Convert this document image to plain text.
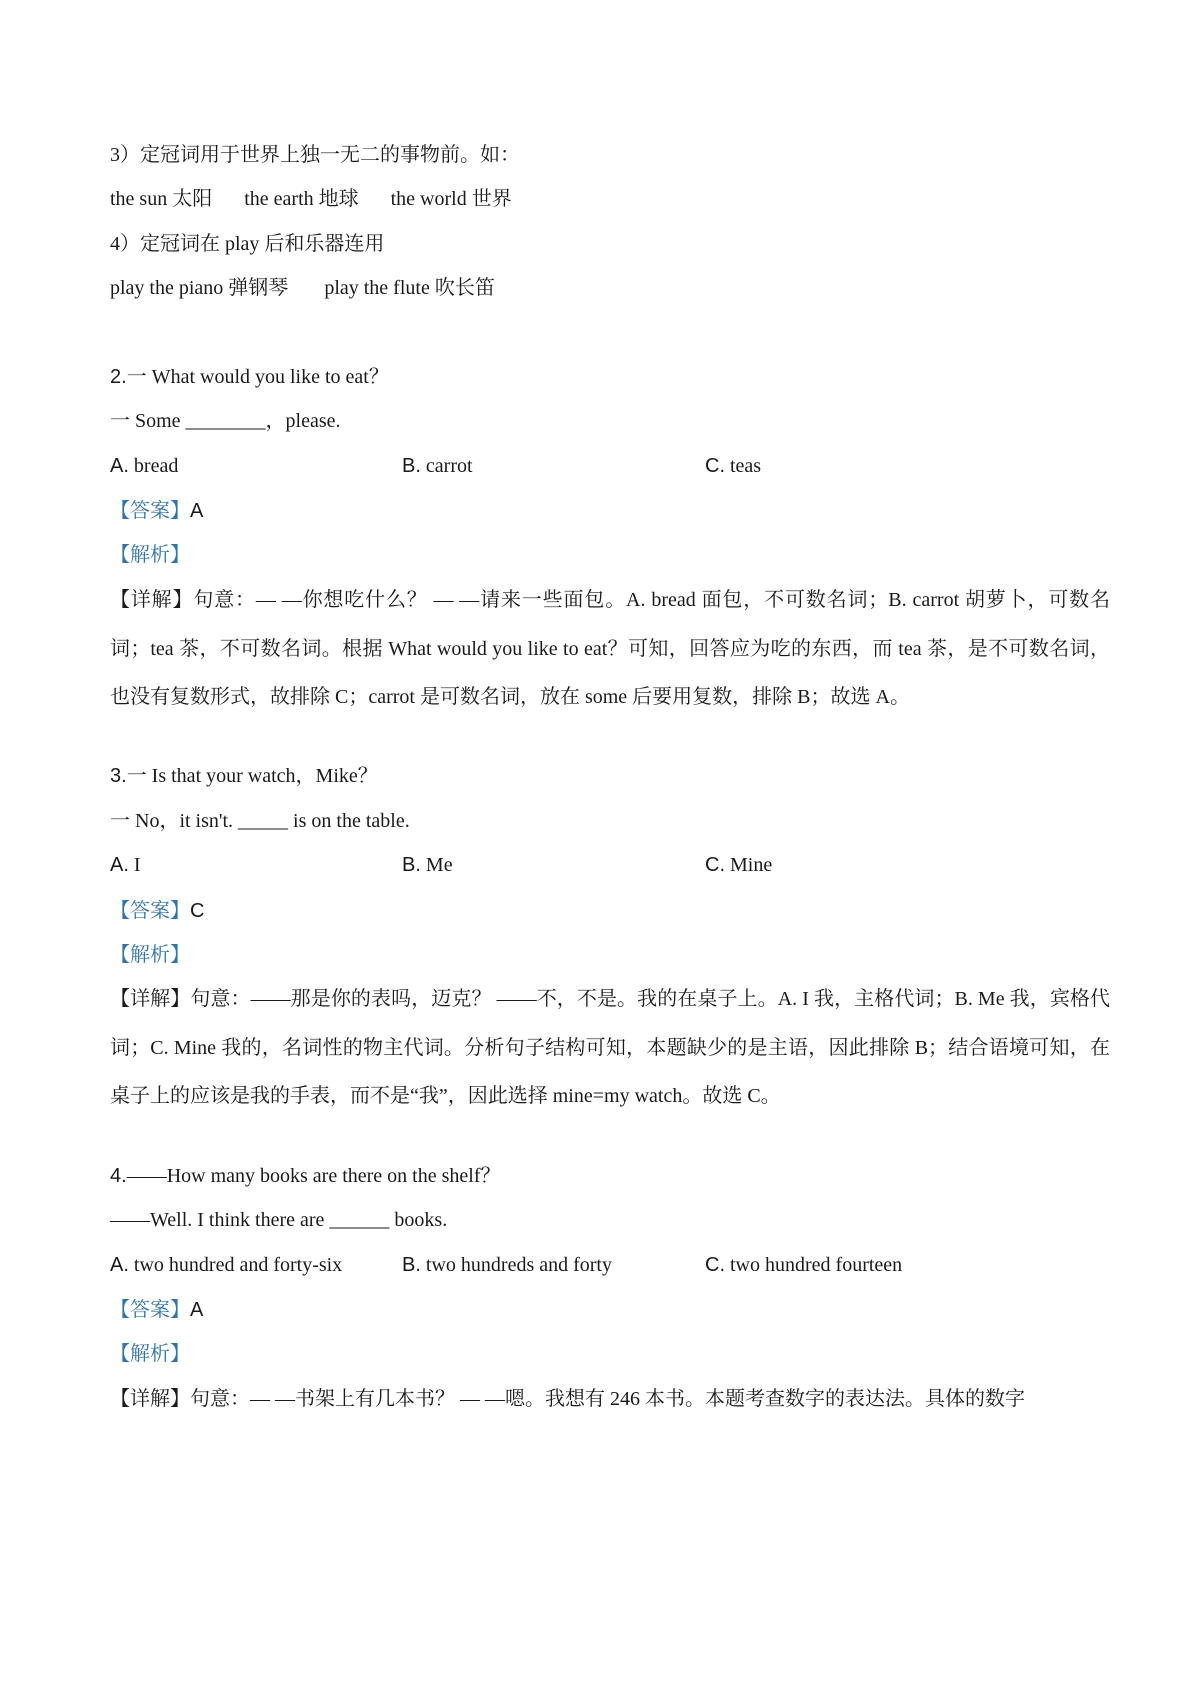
3）定冠词用于世界上独一无二的事物前。如：
the sun 太阳 the earth 地球 the world 世界
4）定冠词在 play 后和乐器连用
play the piano 弹钢琴 play the flute 吹长笛
2.一 What would you like to eat？
一 Some ________，please.
A. bread	B. carrot	C. teas
【答案】A
【解析】
【详解】句意：— —你想吃什么？ — —请来一些面包。A. bread 面包，不可数名词；B. carrot 胡萝卜，可数名词；tea 茶，不可数名词。根据 What would you like to eat？可知，回答应为吃的东西，而 tea 茶，是不可数名词，也没有复数形式，故排除 C；carrot 是可数名词，放在 some 后要用复数，排除 B；故选 A。
3.一 Is that your watch，Mike？
一 No，it isn't. _____ is on the table.
A. I	B. Me	C. Mine
【答案】C
【解析】
【详解】句意：——那是你的表吗，迈克？ ——不，不是。我的在桌子上。A. I 我，主格代词；B. Me 我，宾格代词；C. Mine 我的，名词性的物主代词。分析句子结构可知，本题缺少的是主语，因此排除 B；结合语境可知，在桌子上的应该是我的手表，而不是“我”，因此选择 mine=my watch。故选 C。
4.——How many books are there on the shelf？
——Well. I think there are ______ books.
A. two hundred and forty-six	B. two hundreds and forty	C. two hundred fourteen
【答案】A
【解析】
【详解】句意：— —书架上有几本书？ — —嗯。我想有 246 本书。本题考查数字的表达法。具体的数字
